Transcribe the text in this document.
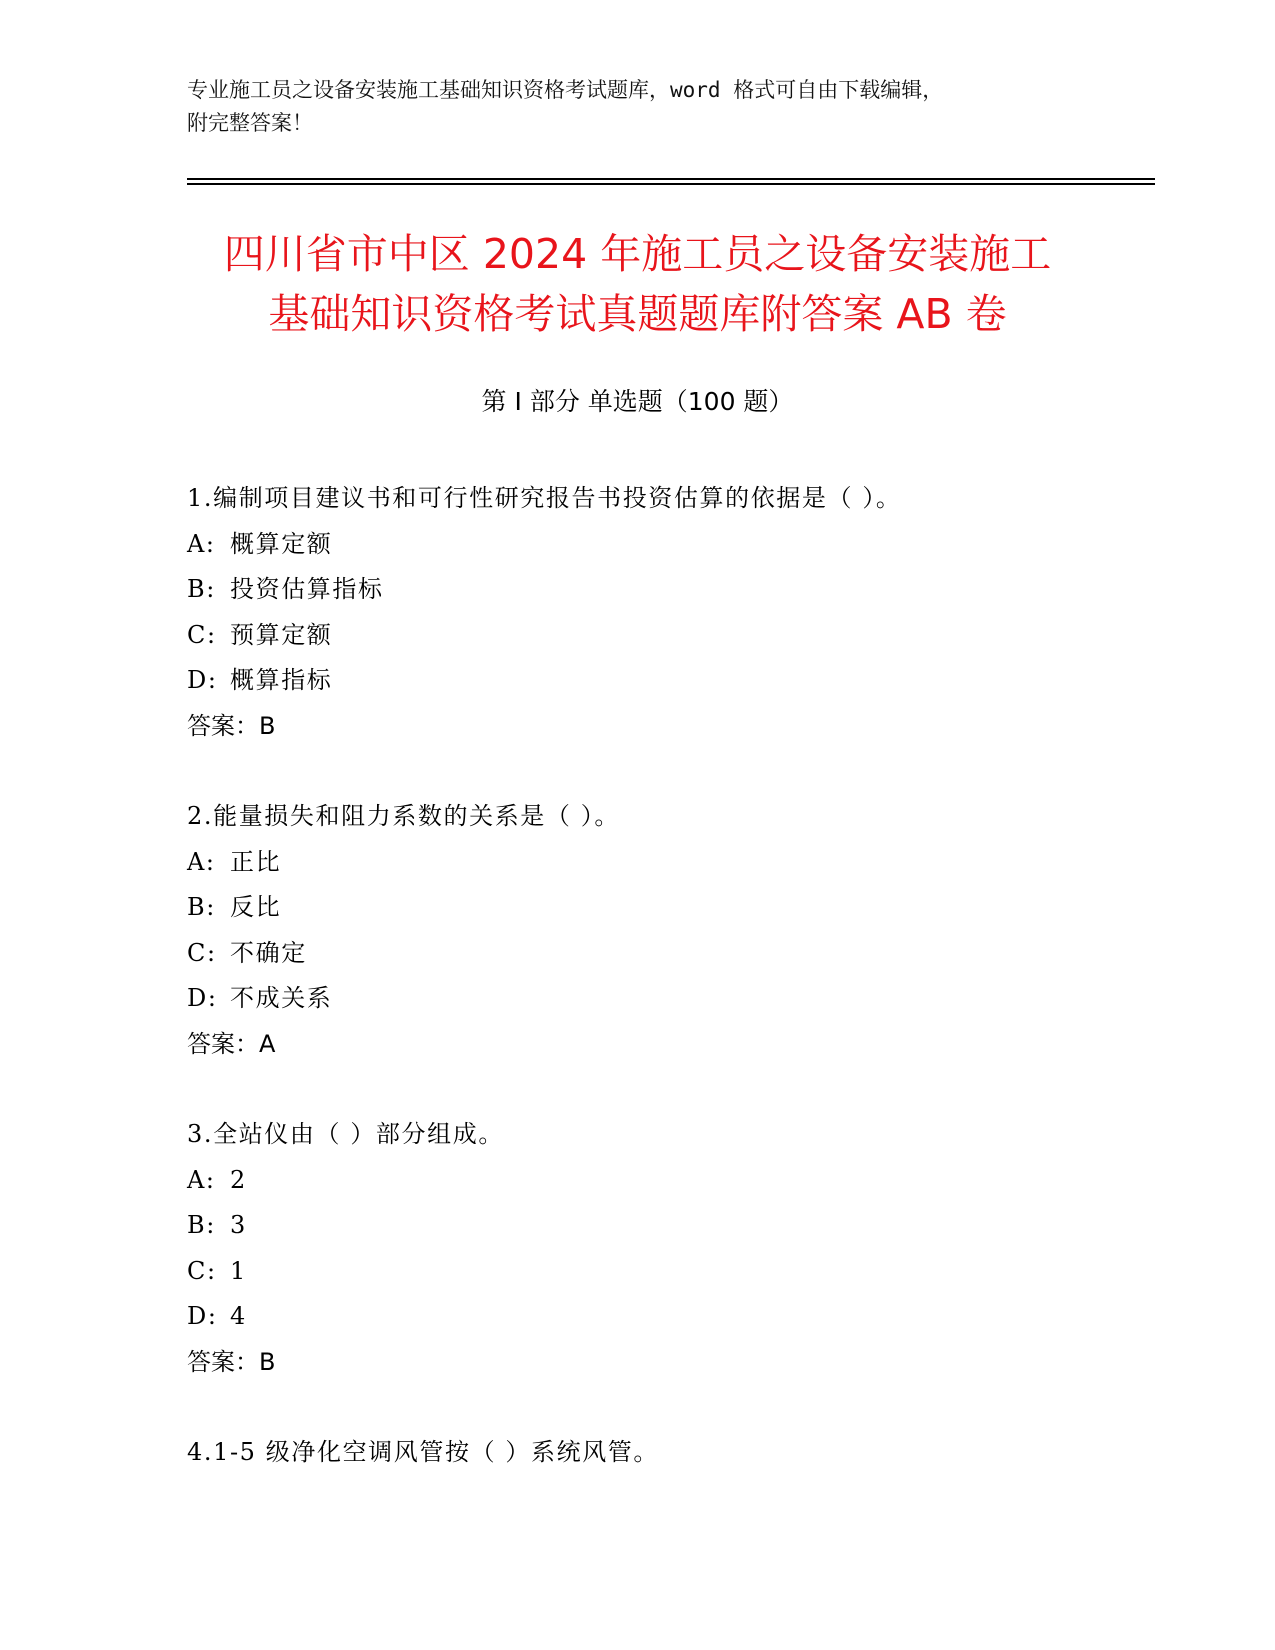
专业施工员之设备安装施工基础知识资格考试题库，word 格式可自由下载编辑，
附完整答案！
四川省市中区 2024 年施工员之设备安装施工
基础知识资格考试真题题库附答案 AB 卷
第 I 部分 单选题（100 题）
1.编制项目建议书和可行性研究报告书投资估算的依据是（ ）。
A: 概算定额
B: 投资估算指标
C: 预算定额
D: 概算指标
答案：B
2.能量损失和阻力系数的关系是（ ）。
A: 正比
B: 反比
C: 不确定
D: 不成关系
答案：A
3.全站仪由（ ）部分组成。
A: 2
B: 3
C: 1
D: 4
答案：B
4.1-5 级净化空调风管按（ ）系统风管。
